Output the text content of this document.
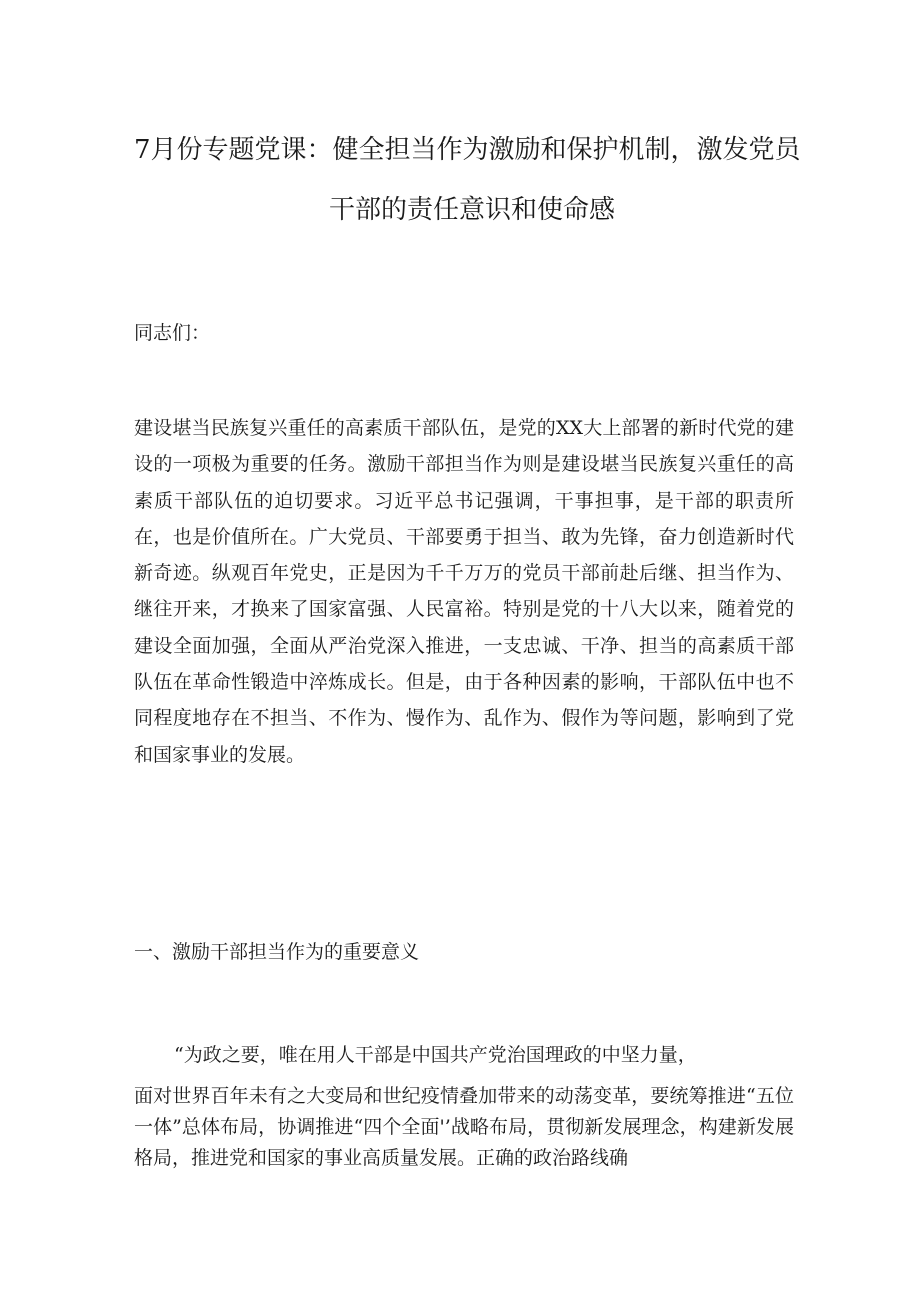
7月份专题党课：健全担当作为激励和保护机制，激发党员
干部的责任意识和使命感
同志们：
建设堪当民族复兴重任的高素质干部队伍，是党的XX大上部署的新时代党的建设的一项极为重要的任务。激励干部担当作为则是建设堪当民族复兴重任的高素质干部队伍的迫切要求。习近平总书记强调，干事担事，是干部的职责所在，也是价值所在。广大党员、干部要勇于担当、敢为先锋，奋力创造新时代新奇迹。纵观百年党史，正是因为千千万万的党员干部前赴后继、担当作为、继往开来，才换来了国家富强、人民富裕。特别是党的十八大以来，随着党的建设全面加强，全面从严治党深入推进，一支忠诚、干净、担当的高素质干部队伍在革命性锻造中淬炼成长。但是，由于各种因素的影响，干部队伍中也不同程度地存在不担当、不作为、慢作为、乱作为、假作为等问题，影响到了党和国家事业的发展。
一、激励干部担当作为的重要意义
“为政之要，唯在用人干部是中国共产党治国理政的中坚力量，
面对世界百年未有之大变局和世纪疫情叠加带来的动荡变革，要统筹推进“五位一体”总体布局，协调推进“四个全面'’战略布局，贯彻新发展理念，构建新发展格局，推进党和国家的事业高质量发展。正确的政治路线确
